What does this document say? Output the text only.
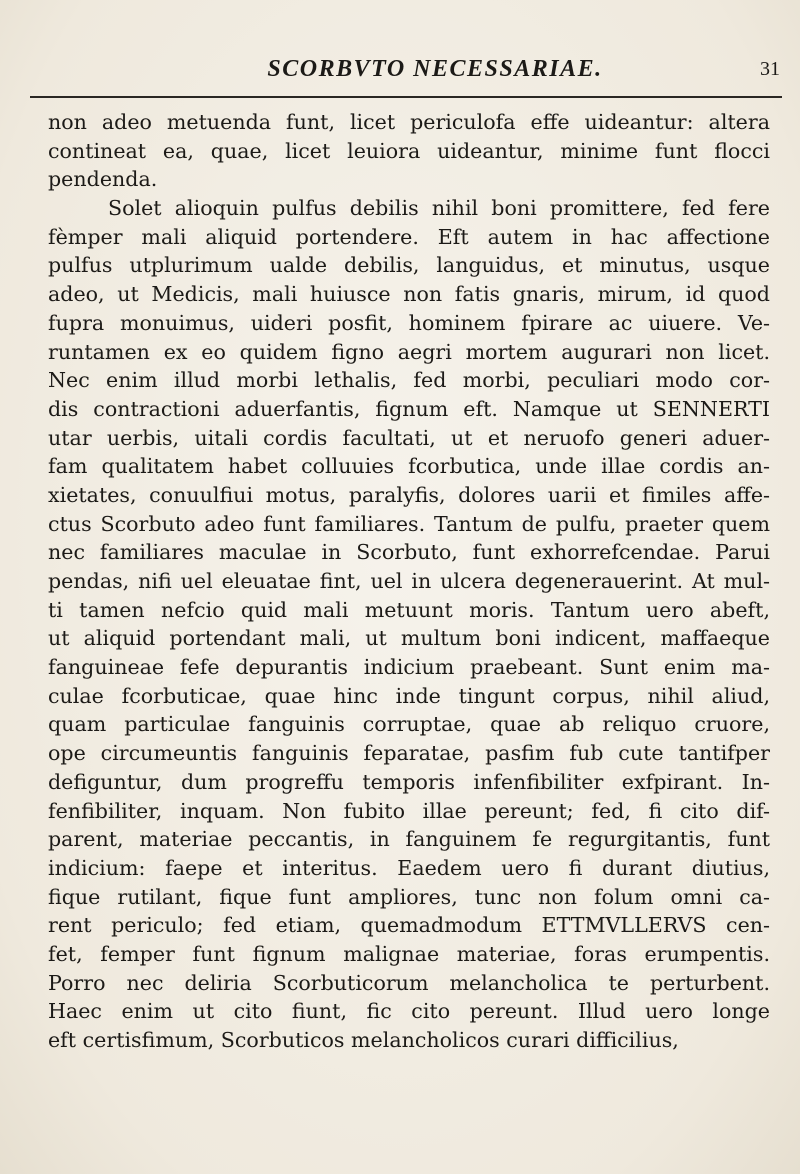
SCORBVTO NECESSARIAE.	31
non adeo metuenda funt, licet periculofa effe uideantur: altera
contineat ea, quae, licet leuiora uideantur, minime funt flocci
pendenda.
Solet alioquin pulfus debilis nihil boni promittere, fed fere
fèmper mali aliquid portendere. Eft autem in hac affectione
pulfus utplurimum ualde debilis, languidus, et minutus, usque
adeo, ut Medicis, mali huiusce non fatis gnaris, mirum, id quod
fupra monuimus, uideri posfit, hominem fpirare ac uiuere. Ve-
runtamen ex eo quidem figno aegri mortem augurari non licet.
Nec enim illud morbi lethalis, fed morbi, peculiari modo cor-
dis contractioni aduerfantis, fignum eft. Namque ut SENNERTI
utar uerbis, uitali cordis facultati, ut et neruofo generi aduer-
fam qualitatem habet colluuies fcorbutica, unde illae cordis an-
xietates, conuulfiui motus, paralyfis, dolores uarii et fimiles affe-
ctus Scorbuto adeo funt familiares. Tantum de pulfu, praeter quem
nec familiares maculae in Scorbuto, funt exhorrefcendae. Parui
pendas, nifi uel eleuatae fint, uel in ulcera degenerauerint. At mul-
ti tamen nefcio quid mali metuunt moris. Tantum uero abeft,
ut aliquid portendant mali, ut multum boni indicent, maffaeque
fanguineae fefe depurantis indicium praebeant. Sunt enim ma-
culae fcorbuticae, quae hinc inde tingunt corpus, nihil aliud,
quam particulae fanguinis corruptae, quae ab reliquo cruore,
ope circumeuntis fanguinis feparatae, pasfim fub cute tantifper
defiguntur, dum progreffu temporis infenfibiliter exfpirant. In-
fenfibiliter, inquam. Non fubito illae pereunt; fed, fi cito dif-
parent, materiae peccantis, in fanguinem fe regurgitantis, funt
indicium: faepe et interitus. Eaedem uero fi durant diutius,
fique rutilant, fique funt ampliores, tunc non folum omni ca-
rent periculo; fed etiam, quemadmodum ETTMVLLERVS cen-
fet, femper funt fignum malignae materiae, foras erumpentis.
Porro nec deliria Scorbuticorum melancholica te perturbent.
Haec enim ut cito fiunt, fic cito pereunt. Illud uero longe
eft certisfimum, Scorbuticos melancholicos curari difficilius,
